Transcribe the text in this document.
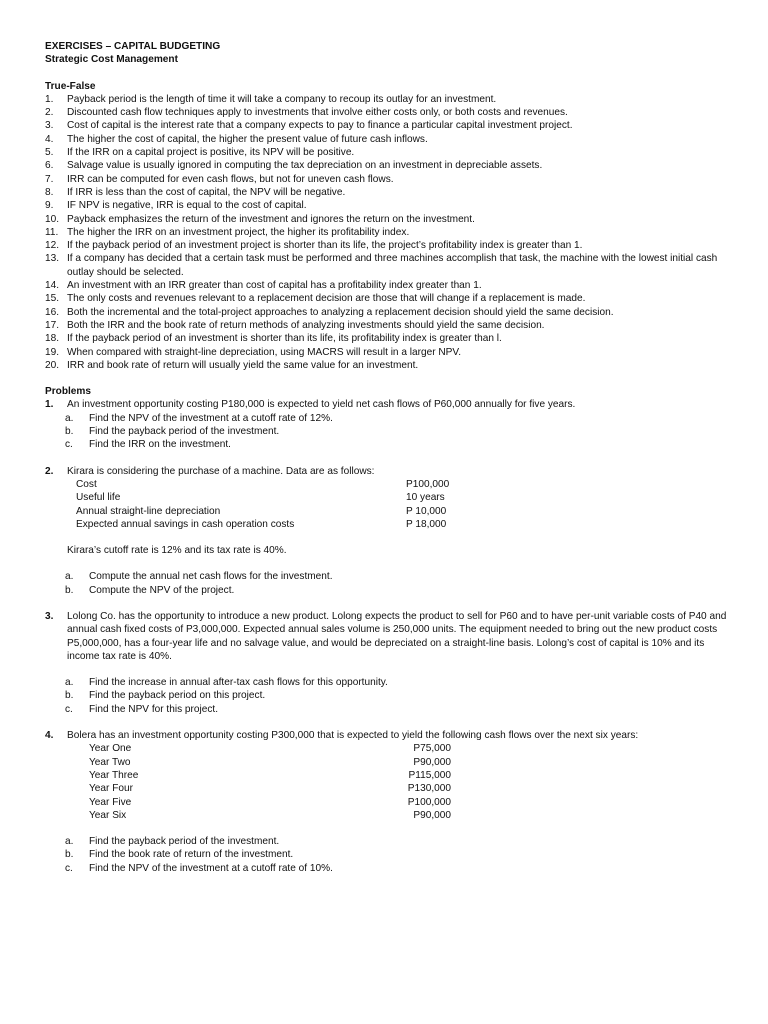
EXERCISES – CAPITAL BUDGETING
Strategic Cost Management
True-False
1.	Payback period is the length of time it will take a company to recoup its outlay for an investment.
2.	Discounted cash flow techniques apply to investments that involve either costs only, or both costs and revenues.
3.	Cost of capital is the interest rate that a company expects to pay to finance a particular capital investment project.
4.	The higher the cost of capital, the higher the present value of future cash inflows.
5.	If the IRR on a capital project is positive, its NPV will be positive.
6.	Salvage value is usually ignored in computing the tax depreciation on an investment in depreciable assets.
7.	IRR can be computed for even cash flows, but not for uneven cash flows.
8.	If IRR is less than the cost of capital, the NPV will be negative.
9.	IF NPV is negative, IRR is equal to the cost of capital.
10. Payback emphasizes the return of the investment and ignores the return on the investment.
11. The higher the IRR on an investment project, the higher its profitability index.
12. If the payback period of an investment project is shorter than its life, the project’s profitability index is greater than 1.
13. If a company has decided that a certain task must be performed and three machines accomplish that task, the machine with the lowest initial cash outlay should be selected.
14. An investment with an IRR greater than cost of capital has a profitability index greater than 1.
15. The only costs and revenues relevant to a replacement decision are those that will change if a replacement is made.
16. Both the incremental and the total-project approaches to analyzing a replacement decision should yield the same decision.
17. Both the IRR and the book rate of return methods of analyzing investments should yield the same decision.
18. If the payback period of an investment is shorter than its life, its profitability index is greater than l.
19. When compared with straight-line depreciation, using MACRS will result in a larger NPV.
20. IRR and book rate of return will usually yield the same value for an investment.
Problems
1.	An investment opportunity costing P180,000 is expected to yield net cash flows of P60,000 annually for five years.
a.	Find the NPV of the investment at a cutoff rate of 12%.
b.	Find the payback period of the investment.
c.	Find the IRR on the investment.
2.	Kirara is considering the purchase of a machine. Data are as follows:
Cost	P100,000
Useful life	10 years
Annual straight-line depreciation	P 10,000
Expected annual savings in cash operation costs	P 18,000
Kirara’s cutoff rate is 12% and its tax rate is 40%.
a.	Compute the annual net cash flows for the investment.
b.	Compute the NPV of the project.
3.	Lolong Co. has the opportunity to introduce a new product. Lolong expects the product to sell for P60 and to have per-unit variable costs of P40 and annual cash fixed costs of P3,000,000. Expected annual sales volume is 250,000 units. The equipment needed to bring out the new product costs P5,000,000, has a four-year life and no salvage value, and would be depreciated on a straight-line basis. Lolong’s cost of capital is 10% and its income tax rate is 40%.
a.	Find the increase in annual after-tax cash flows for this opportunity.
b.	Find the payback period on this project.
c.	Find the NPV for this project.
4.	Bolera has an investment opportunity costing P300,000 that is expected to yield the following cash flows over the next six years:
Year One	P75,000
Year Two	P90,000
Year Three	P115,000
Year Four	P130,000
Year Five	P100,000
Year Six	P90,000
a.	Find the payback period of the investment.
b.	Find the book rate of return of the investment.
c.	Find the NPV of the investment at a cutoff rate of 10%.
